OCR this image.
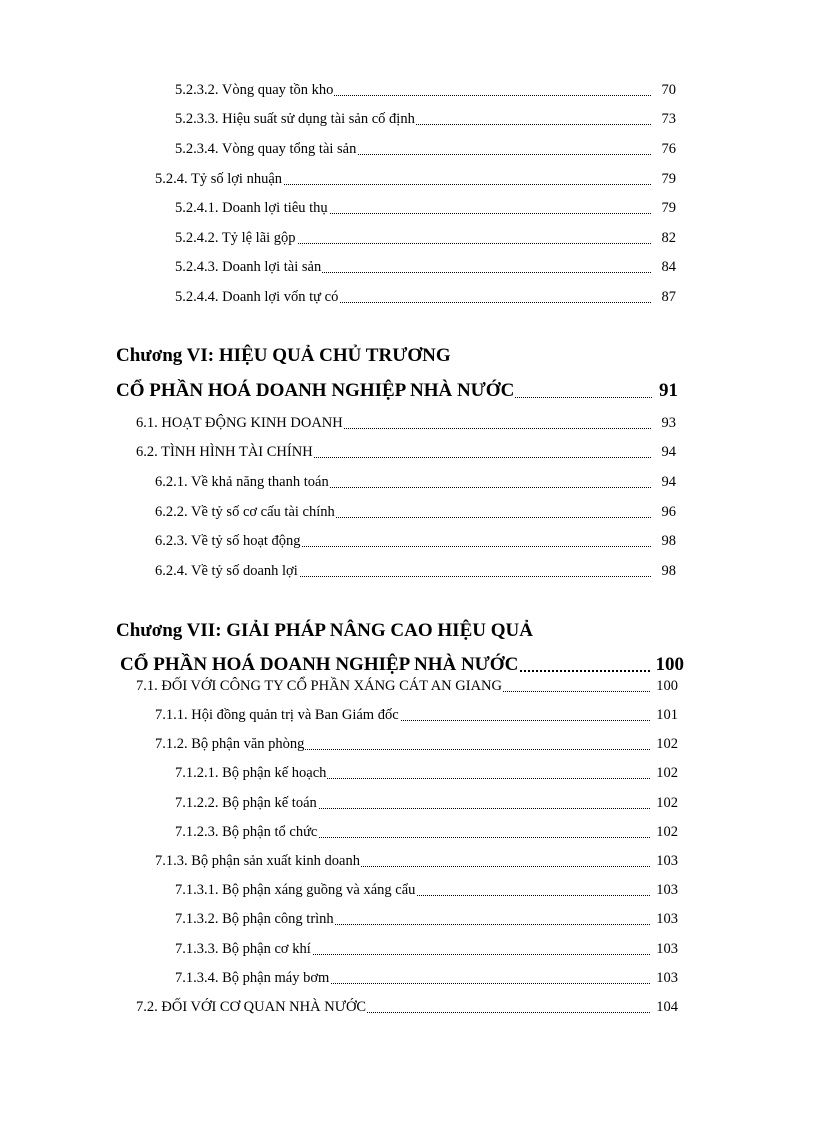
5.2.3.2. Vòng quay tồn kho	70
5.2.3.3. Hiệu suất sử dụng tài sản cố định	73
5.2.3.4. Vòng quay tổng tài sản	76
5.2.4. Tỷ số lợi nhuận	79
5.2.4.1. Doanh lợi tiêu thụ	79
5.2.4.2. Tỷ lệ lãi gộp	82
5.2.4.3. Doanh lợi tài sản	84
5.2.4.4. Doanh lợi vốn tự có	87
Chương VI: HIỆU QUẢ CHỦ TRƯƠNG
CỔ PHẦN HOÁ DOANH NGHIỆP NHÀ NƯỚC	91
6.1. HOẠT ĐỘNG KINH DOANH	93
6.2. TÌNH HÌNH TÀI CHÍNH	94
6.2.1. Về khả năng thanh toán	94
6.2.2. Về tỷ số cơ cấu tài chính	96
6.2.3. Về tỷ số hoạt động	98
6.2.4. Về tỷ số doanh lợi	98
Chương VII: GIẢI PHÁP NÂNG CAO HIỆU QUẢ
CỔ PHẦN HOÁ DOANH NGHIỆP NHÀ NƯỚC	100
7.1. ĐỐI VỚI CÔNG TY CỔ PHẦN XÁNG CÁT AN GIANG	100
7.1.1. Hội đồng quản trị và Ban Giám đốc	101
7.1.2. Bộ phận văn phòng	102
7.1.2.1. Bộ phận kế hoạch	102
7.1.2.2. Bộ phận kế toán	102
7.1.2.3. Bộ phận tổ chức	102
7.1.3. Bộ phận sản xuất kinh doanh	103
7.1.3.1. Bộ phận xáng guồng và xáng cẩu	103
7.1.3.2. Bộ phận công trình	103
7.1.3.3. Bộ phận cơ khí	103
7.1.3.4. Bộ phận máy bơm	103
7.2. ĐỐI VỚI CƠ QUAN NHÀ NƯỚC	104
